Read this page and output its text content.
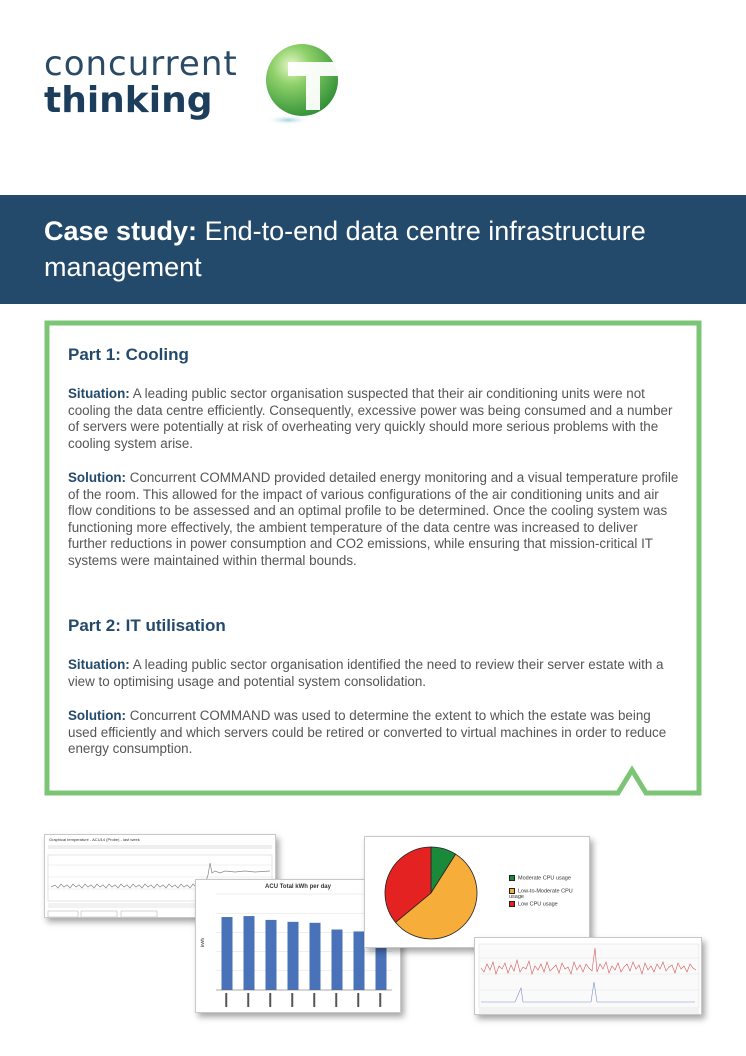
concurrent
thinking
Case study: End-to-end data centre infrastructure management
Part 1: Cooling

Situation: A leading public sector organisation suspected that their air conditioning units were not cooling the data centre efficiently. Consequently, excessive power was being consumed and a number of servers were potentially at risk of overheating very quickly should more serious problems with the cooling system arise.

Solution: Concurrent COMMAND provided detailed energy monitoring and a visual temperature profile of the room. This allowed for the impact of various configurations of the air conditioning units and air flow conditions to be assessed and an optimal profile to be determined. Once the cooling system was functioning more effectively, the ambient temperature of the data centre was increased to deliver further reductions in power consumption and CO2 emissions, while ensuring that mission-critical IT systems were maintained within thermal bounds.

Part 2: IT utilisation

Situation: A leading public sector organisation identified the need to review their server estate with a view to optimising usage and potential system consolidation.

Solution: Concurrent COMMAND was used to determine the extent to which the estate was being used efficiently and which servers could be retired or converted to virtual machines in order to reduce energy consumption.

Graphical temperature - ACU14 (Probe) - last week
ACU Total kWh per day
kWh
Moderate CPU usage
Low-to-Moderate CPU usage
Low CPU usage
